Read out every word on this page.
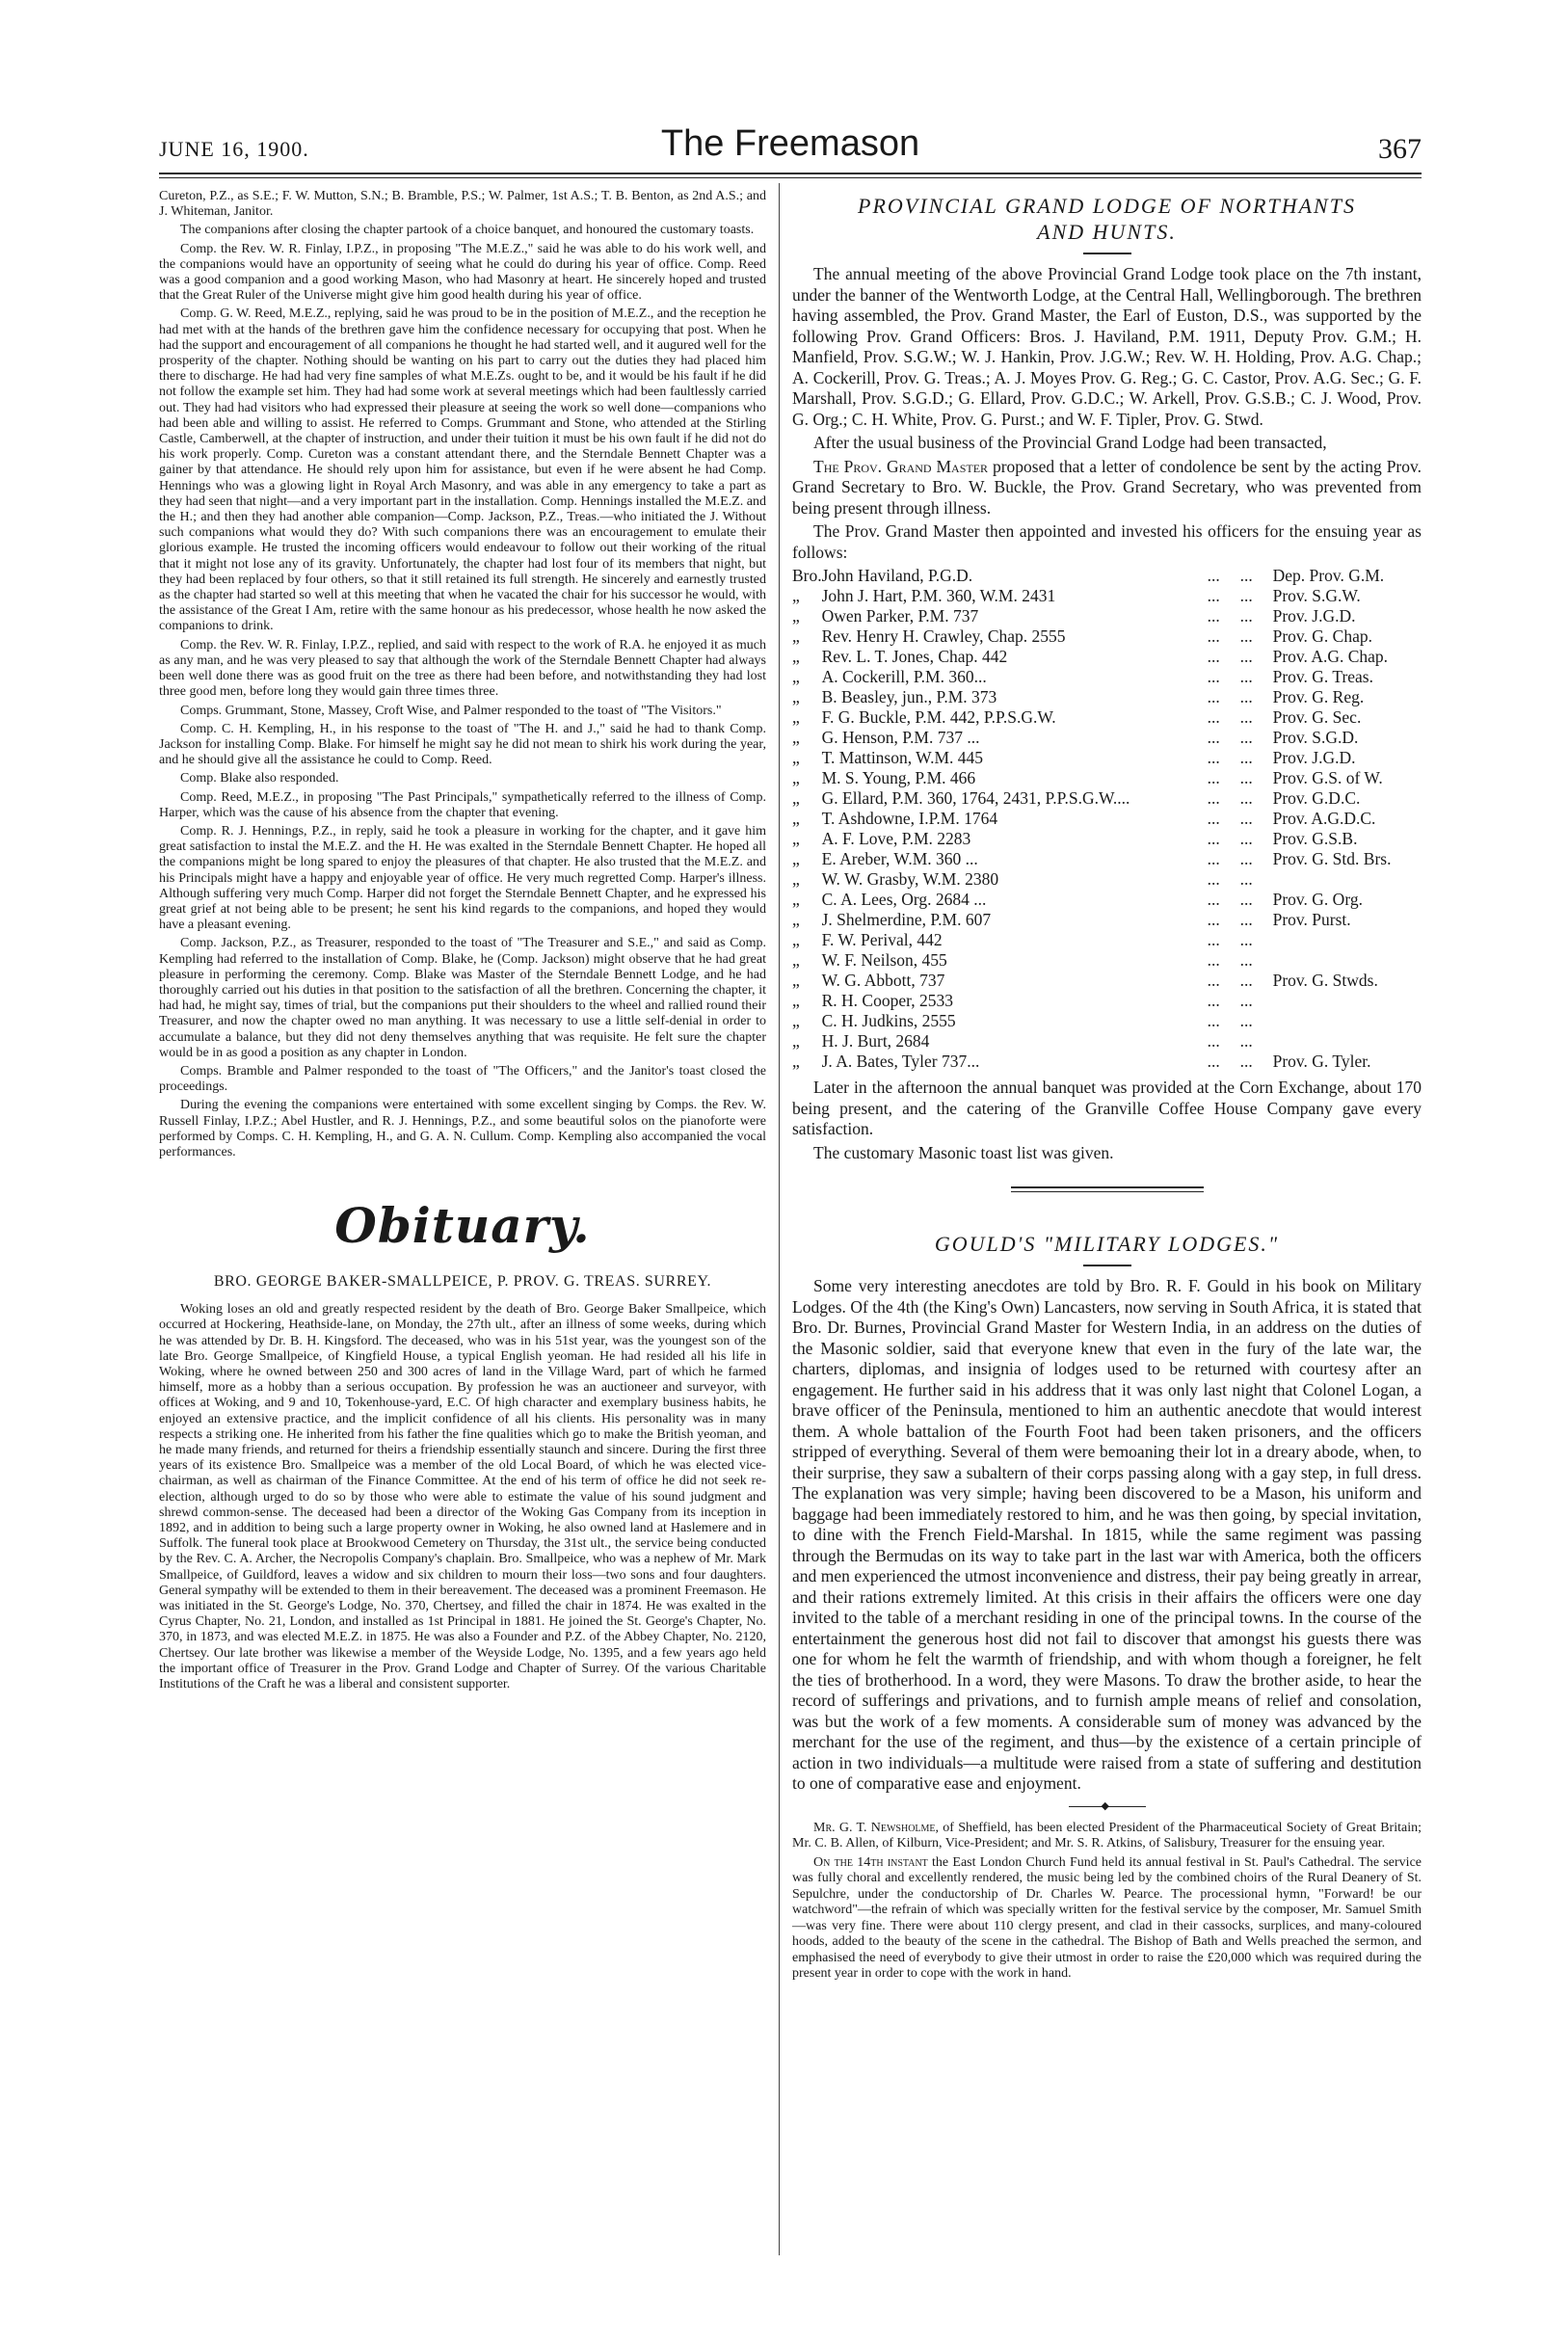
JUNE 16, 1900.	The Freemason	367

Cureton, P.Z., as S.E.; F. W. Mutton, S.N.; B. Bramble, P.S.; W. Palmer, 1st A.S.; T. B. Benton, as 2nd A.S.; and J. Whiteman, Janitor.

The companions after closing the chapter partook of a choice banquet, and honoured the customary toasts.

Comp. the Rev. W. R. Finlay, I.P.Z., in proposing "The M.E.Z.," said he was able to do his work well, and the companions would have an opportunity of seeing what he could do during his year of office. Comp. Reed was a good companion and a good working Mason, who had Masonry at heart. He sincerely hoped and trusted that the Great Ruler of the Universe might give him good health during his year of office.

Comp. G. W. Reed, M.E.Z., replying, said he was proud to be in the position of M.E.Z., and the reception he had met with at the hands of the brethren gave him the confidence necessary for occupying that post. When he had the support and encouragement of all companions he thought he had started well, and it augured well for the prosperity of the chapter. Nothing should be wanting on his part to carry out the duties they had placed him there to discharge. He had had very fine samples of what M.E.Zs. ought to be, and it would be his fault if he did not follow the example set him. They had had some work at several meetings which had been faultlessly carried out. They had had visitors who had expressed their pleasure at seeing the work so well done—companions who had been able and willing to assist. He referred to Comps. Grummant and Stone, who attended at the Stirling Castle, Camberwell, at the chapter of instruction, and under their tuition it must be his own fault if he did not do his work properly. Comp. Cureton was a constant attendant there, and the Sterndale Bennett Chapter was a gainer by that attendance. He should rely upon him for assistance, but even if he were absent he had Comp. Hennings who was a glowing light in Royal Arch Masonry, and was able in any emergency to take a part as they had seen that night—and a very important part in the installation. Comp. Hennings installed the M.E.Z. and the H.; and then they had another able companion—Comp. Jackson, P.Z., Treas.—who initiated the J. Without such companions what would they do? With such companions there was an encouragement to emulate their glorious example. He trusted the incoming officers would endeavour to follow out their working of the ritual that it might not lose any of its gravity. Unfortunately, the chapter had lost four of its members that night, but they had been replaced by four others, so that it still retained its full strength. He sincerely and earnestly trusted as the chapter had started so well at this meeting that when he vacated the chair for his successor he would, with the assistance of the Great I Am, retire with the same honour as his predecessor, whose health he now asked the companions to drink.

Comp. the Rev. W. R. Finlay, I.P.Z., replied, and said with respect to the work of R.A. he enjoyed it as much as any man, and he was very pleased to say that although the work of the Sterndale Bennett Chapter had always been well done there was as good fruit on the tree as there had been before, and notwithstanding they had lost three good men, before long they would gain three times three.

Comps. Grummant, Stone, Massey, Croft Wise, and Palmer responded to the toast of "The Visitors."

Comp. C. H. Kempling, H., in his response to the toast of "The H. and J.," said he had to thank Comp. Jackson for installing Comp. Blake. For himself he might say he did not mean to shirk his work during the year, and he should give all the assistance he could to Comp. Reed.

Comp. Blake also responded.

Comp. Reed, M.E.Z., in proposing "The Past Principals," sympathetically referred to the illness of Comp. Harper, which was the cause of his absence from the chapter that evening.

Comp. R. J. Hennings, P.Z., in reply, said he took a pleasure in working for the chapter, and it gave him great satisfaction to instal the M.E.Z. and the H. He was exalted in the Sterndale Bennett Chapter. He hoped all the companions might be long spared to enjoy the pleasures of that chapter. He also trusted that the M.E.Z. and his Principals might have a happy and enjoyable year of office. He very much regretted Comp. Harper's illness. Although suffering very much Comp. Harper did not forget the Sterndale Bennett Chapter, and he expressed his great grief at not being able to be present; he sent his kind regards to the companions, and hoped they would have a pleasant evening.

Comp. Jackson, P.Z., as Treasurer, responded to the toast of "The Treasurer and S.E.," and said as Comp. Kempling had referred to the installation of Comp. Blake, he (Comp. Jackson) might observe that he had great pleasure in performing the ceremony. Comp. Blake was Master of the Sterndale Bennett Lodge, and he had thoroughly carried out his duties in that position to the satisfaction of all the brethren. Concerning the chapter, it had had, he might say, times of trial, but the companions put their shoulders to the wheel and rallied round their Treasurer, and now the chapter owed no man anything. It was necessary to use a little self-denial in order to accumulate a balance, but they did not deny themselves anything that was requisite. He felt sure the chapter would be in as good a position as any chapter in London.

Comps. Bramble and Palmer responded to the toast of "The Officers," and the Janitor's toast closed the proceedings.

During the evening the companions were entertained with some excellent singing by Comps. the Rev. W. Russell Finlay, I.P.Z.; Abel Hustler, and R. J. Hennings, P.Z., and some beautiful solos on the pianoforte were performed by Comps. C. H. Kempling, H., and G. A. N. Cullum. Comp. Kempling also accompanied the vocal performances.

Obituary.
BRO. GEORGE BAKER-SMALLPEICE, P. PROV. G. TREAS. SURREY.

Woking loses an old and greatly respected resident by the death of Bro. George Baker Smallpeice, which occurred at Hockering, Heathside-lane, on Monday, the 27th ult., after an illness of some weeks, during which he was attended by Dr. B. H. Kingsford. The deceased, who was in his 51st year, was the youngest son of the late Bro. George Smallpeice, of Kingfield House, a typical English yeoman. He had resided all his life in Woking, where he owned between 250 and 300 acres of land in the Village Ward, part of which he farmed himself, more as a hobby than a serious occupation. By profession he was an auctioneer and surveyor, with offices at Woking, and 9 and 10, Tokenhouse-yard, E.C. Of high character and exemplary business habits, he enjoyed an extensive practice, and the implicit confidence of all his clients. His personality was in many respects a striking one. He inherited from his father the fine qualities which go to make the British yeoman, and he made many friends, and returned for theirs a friendship essentially staunch and sincere. During the first three years of its existence Bro. Smallpeice was a member of the old Local Board, of which he was elected vice-chairman, as well as chairman of the Finance Committee. At the end of his term of office he did not seek re-election, although urged to do so by those who were able to estimate the value of his sound judgment and shrewd common-sense. The deceased had been a director of the Woking Gas Company from its inception in 1892, and in addition to being such a large property owner in Woking, he also owned land at Haslemere and in Suffolk. The funeral took place at Brookwood Cemetery on Thursday, the 31st ult., the service being conducted by the Rev. C. A. Archer, the Necropolis Company's chaplain. Bro. Smallpeice, who was a nephew of Mr. Mark Smallpeice, of Guildford, leaves a widow and six children to mourn their loss—two sons and four daughters. General sympathy will be extended to them in their bereavement. The deceased was a prominent Freemason. He was initiated in the St. George's Lodge, No. 370, Chertsey, and filled the chair in 1874. He was exalted in the Cyrus Chapter, No. 21, London, and installed as 1st Principal in 1881. He joined the St. George's Chapter, No. 370, in 1873, and was elected M.E.Z. in 1875. He was also a Founder and P.Z. of the Abbey Chapter, No. 2120, Chertsey. Our late brother was likewise a member of the Weyside Lodge, No. 1395, and a few years ago held the important office of Treasurer in the Prov. Grand Lodge and Chapter of Surrey. Of the various Charitable Institutions of the Craft he was a liberal and consistent supporter.

PROVINCIAL GRAND LODGE OF NORTHANTS
AND HUNTS.

The annual meeting of the above Provincial Grand Lodge took place on the 7th instant, under the banner of the Wentworth Lodge, at the Central Hall, Wellingborough. The brethren having assembled, the Prov. Grand Master, the Earl of Euston, D.S., was supported by the following Prov. Grand Officers: Bros. J. Haviland, P.M. 1911, Deputy Prov. G.M.; H. Manfield, Prov. S.G.W.; W. J. Hankin, Prov. J.G.W.; Rev. W. H. Holding, Prov. A.G. Chap.; A. Cockerill, Prov. G. Treas.; A. J. Moyes Prov. G. Reg.; G. C. Castor, Prov. A.G. Sec.; G. F. Marshall, Prov. S.G.D.; G. Ellard, Prov. G.D.C.; W. Arkell, Prov. G.S.B.; C. J. Wood, Prov. G. Org.; C. H. White, Prov. G. Purst.; and W. F. Tipler, Prov. G. Stwd.

After the usual business of the Provincial Grand Lodge had been transacted,

The Prov. Grand Master proposed that a letter of condolence be sent by the acting Prov. Grand Secretary to Bro. W. Buckle, the Prov. Grand Secretary, who was prevented from being present through illness.

The Prov. Grand Master then appointed and invested his officers for the ensuing year as follows:

Bro.	John Haviland, P.G.D.	...	...	Dep. Prov. G.M.
„	John J. Hart, P.M. 360, W.M. 2431	...	...	Prov. S.G.W.
„	Owen Parker, P.M. 737	...	...	Prov. J.G.D.
„	Rev. Henry H. Crawley, Chap. 2555	...	...	Prov. G. Chap.
„	Rev. L. T. Jones, Chap. 442	...	...	Prov. A.G. Chap.
„	A. Cockerill, P.M. 360...	...	...	Prov. G. Treas.
„	B. Beasley, jun., P.M. 373	...	...	Prov. G. Reg.
„	F. G. Buckle, P.M. 442, P.P.S.G.W.	...	...	Prov. G. Sec.
„	G. Henson, P.M. 737 ...	...	...	Prov. S.G.D.
„	T. Mattinson, W.M. 445	...	...	Prov. J.G.D.
„	M. S. Young, P.M. 466	...	...	Prov. G.S. of W.
„	G. Ellard, P.M. 360, 1764, 2431, P.P.S.G.W....	...	...	Prov. G.D.C.
„	T. Ashdowne, I.P.M. 1764	...	...	Prov. A.G.D.C.
„	A. F. Love, P.M. 2283	...	...	Prov. G.S.B.
„	E. Areber, W.M. 360 ...	...	...	Prov. G. Std. Brs.
„	W. W. Grasby, W.M. 2380	...	...	
„	C. A. Lees, Org. 2684 ...	...	...	Prov. G. Org.
„	J. Shelmerdine, P.M. 607	...	...	Prov. Purst.
„	F. W. Perival, 442	...	...	
„	W. F. Neilson, 455	...	...	
„	W. G. Abbott, 737	...	...	Prov. G. Stwds.
„	R. H. Cooper, 2533	...	...	
„	C. H. Judkins, 2555	...	...	
„	H. J. Burt, 2684	...	...	
„	J. A. Bates, Tyler 737...	...	...	Prov. G. Tyler.

Later in the afternoon the annual banquet was provided at the Corn Exchange, about 170 being present, and the catering of the Granville Coffee House Company gave every satisfaction.

The customary Masonic toast list was given.

GOULD'S "MILITARY LODGES."

Some very interesting anecdotes are told by Bro. R. F. Gould in his book on Military Lodges. Of the 4th (the King's Own) Lancasters, now serving in South Africa, it is stated that Bro. Dr. Burnes, Provincial Grand Master for Western India, in an address on the duties of the Masonic soldier, said that everyone knew that even in the fury of the late war, the charters, diplomas, and insignia of lodges used to be returned with courtesy after an engagement. He further said in his address that it was only last night that Colonel Logan, a brave officer of the Peninsula, mentioned to him an authentic anecdote that would interest them. A whole battalion of the Fourth Foot had been taken prisoners, and the officers stripped of everything. Several of them were bemoaning their lot in a dreary abode, when, to their surprise, they saw a subaltern of their corps passing along with a gay step, in full dress. The explanation was very simple; having been discovered to be a Mason, his uniform and baggage had been immediately restored to him, and he was then going, by special invitation, to dine with the French Field-Marshal. In 1815, while the same regiment was passing through the Bermudas on its way to take part in the last war with America, both the officers and men experienced the utmost inconvenience and distress, their pay being greatly in arrear, and their rations extremely limited. At this crisis in their affairs the officers were one day invited to the table of a merchant residing in one of the principal towns. In the course of the entertainment the generous host did not fail to discover that amongst his guests there was one for whom he felt the warmth of friendship, and with whom though a foreigner, he felt the ties of brotherhood. In a word, they were Masons. To draw the brother aside, to hear the record of sufferings and privations, and to furnish ample means of relief and consolation, was but the work of a few moments. A considerable sum of money was advanced by the merchant for the use of the regiment, and thus—by the existence of a certain principle of action in two individuals—a multitude were raised from a state of suffering and destitution to one of comparative ease and enjoyment.

◆

Mr. G. T. Newsholme, of Sheffield, has been elected President of the Pharmaceutical Society of Great Britain; Mr. C. B. Allen, of Kilburn, Vice-President; and Mr. S. R. Atkins, of Salisbury, Treasurer for the ensuing year.

On the 14th instant the East London Church Fund held its annual festival in St. Paul's Cathedral. The service was fully choral and excellently rendered, the music being led by the combined choirs of the Rural Deanery of St. Sepulchre, under the conductorship of Dr. Charles W. Pearce. The processional hymn, "Forward! be our watchword"—the refrain of which was specially written for the festival service by the composer, Mr. Samuel Smith—was very fine. There were about 110 clergy present, and clad in their cassocks, surplices, and many-coloured hoods, added to the beauty of the scene in the cathedral. The Bishop of Bath and Wells preached the sermon, and emphasised the need of everybody to give their utmost in order to raise the £20,000 which was required during the present year in order to cope with the work in hand.
